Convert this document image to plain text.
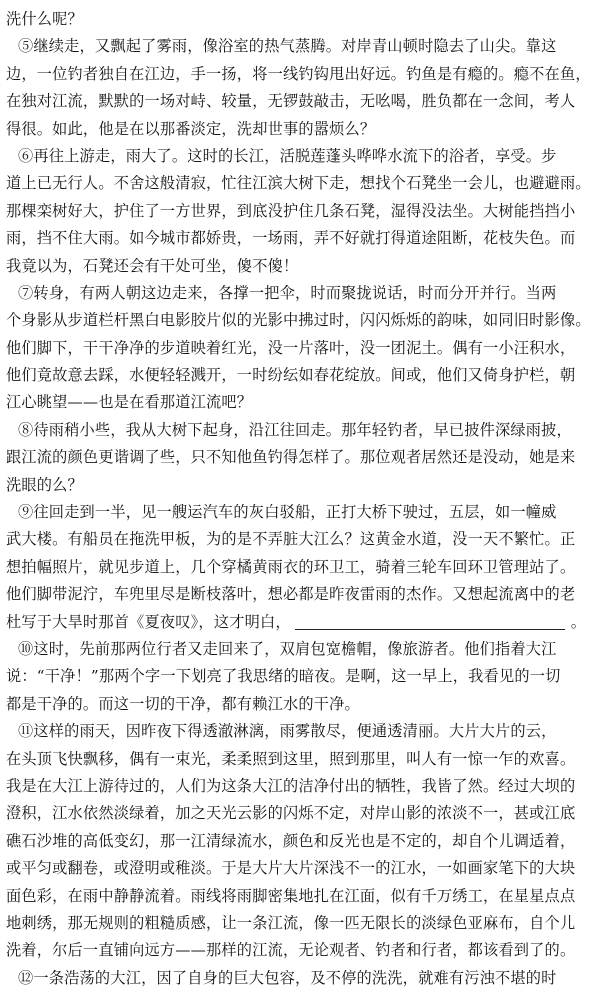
洗什么呢？
⑤继续走，又飘起了雾雨，像浴室的热气蒸腾。对岸青山顿时隐去了山尖。靠这
边，一位钓者独自在江边，手一扬，将一线钓钩甩出好远。钓鱼是有瘾的。瘾不在鱼，
在独对江流，默默的一场对峙、较量，无锣鼓敲击，无吆喝，胜负都在一念间，考人
得很。如此，他是在以那番淡定，洗却世事的嚣烦么？
⑥再往上游走，雨大了。这时的长江，活脱莲蓬头哗哗水流下的浴者，享受。步
道上已无行人。不舍这般清寂，忙往江滨大树下走，想找个石凳坐一会儿，也避避雨。
那棵栾树好大，护住了一方世界，到底没护住几条石凳，湿得没法坐。大树能挡挡小
雨，挡不住大雨。如今城市都娇贵，一场雨，弄不好就打得道途阻断，花枝失色。而
我竟以为，石凳还会有干处可坐，傻不傻！
⑦转身，有两人朝这边走来，各撑一把伞，时而聚拢说话，时而分开并行。当两
个身影从步道栏杆黑白电影胶片似的光影中拂过时，闪闪烁烁的韵味，如同旧时影像。
他们脚下，干干净净的步道映着红光，没一片落叶，没一团泥土。偶有一小汪积水，
他们竟故意去踩，水便轻轻溅开，一时纷纭如春花绽放。间或，他们又倚身护栏，朝
江心眺望——也是在看那道江流吧？
⑧待雨稍小些，我从大树下起身，沿江往回走。那年轻钓者，早已披件深绿雨披，
跟江流的颜色更谐调了些，只不知他鱼钓得怎样了。那位观者居然还是没动，她是来
洗眼的么？
⑨往回走到一半，见一艘运汽车的灰白驳船，正打大桥下驶过，五层，如一幢威
武大楼。有船员在拖洗甲板，为的是不弄脏大江么？这黄金水道，没一天不繁忙。正
想拍幅照片，就见步道上，几个穿橘黄雨衣的环卫工，骑着三轮车回环卫管理站了。
他们脚带泥泞，车兜里尽是断枝落叶，想必都是昨夜雷雨的杰作。又想起流离中的老
杜写于大旱时那首《夏夜叹》，这才明白，	。
⑩这时，先前那两位行者又走回来了，双肩包宽檐帽，像旅游者。他们指着大江
说：“干净！”那两个字一下划亮了我思绪的暗夜。是啊，这一早上，我看见的一切
都是干净的。而这一切的干净，都有赖江水的干净。
⑪这样的雨天，因昨夜下得透澈淋漓，雨雾散尽，便通透清丽。大片大片的云，
在头顶飞快飘移，偶有一束光，柔柔照到这里，照到那里，叫人有一惊一乍的欢喜。
我是在大江上游待过的，人们为这条大江的洁净付出的牺牲，我皆了然。经过大坝的
澄积，江水依然淡绿着，加之天光云影的闪烁不定，对岸山影的浓淡不一，甚或江底
礁石沙堆的高低变幻，那一江清绿流水，颜色和反光也是不定的，却自个儿调适着，
或平匀或翻卷，或澄明或稚淡。于是大片大片深浅不一的江水，一如画家笔下的大块
面色彩，在雨中静静流着。雨线将雨脚密集地扎在江面，似有千万绣工，在星星点点
地刺绣，那无规则的粗糙质感，让一条江流，像一匹无限长的淡绿色亚麻布，自个儿
洗着，尔后一直铺向远方——那样的江流，无论观者、钓者和行者，都该看到了的。
⑫一条浩荡的大江，因了自身的巨大包容，及不停的洗洗，就难有污浊不堪的时
